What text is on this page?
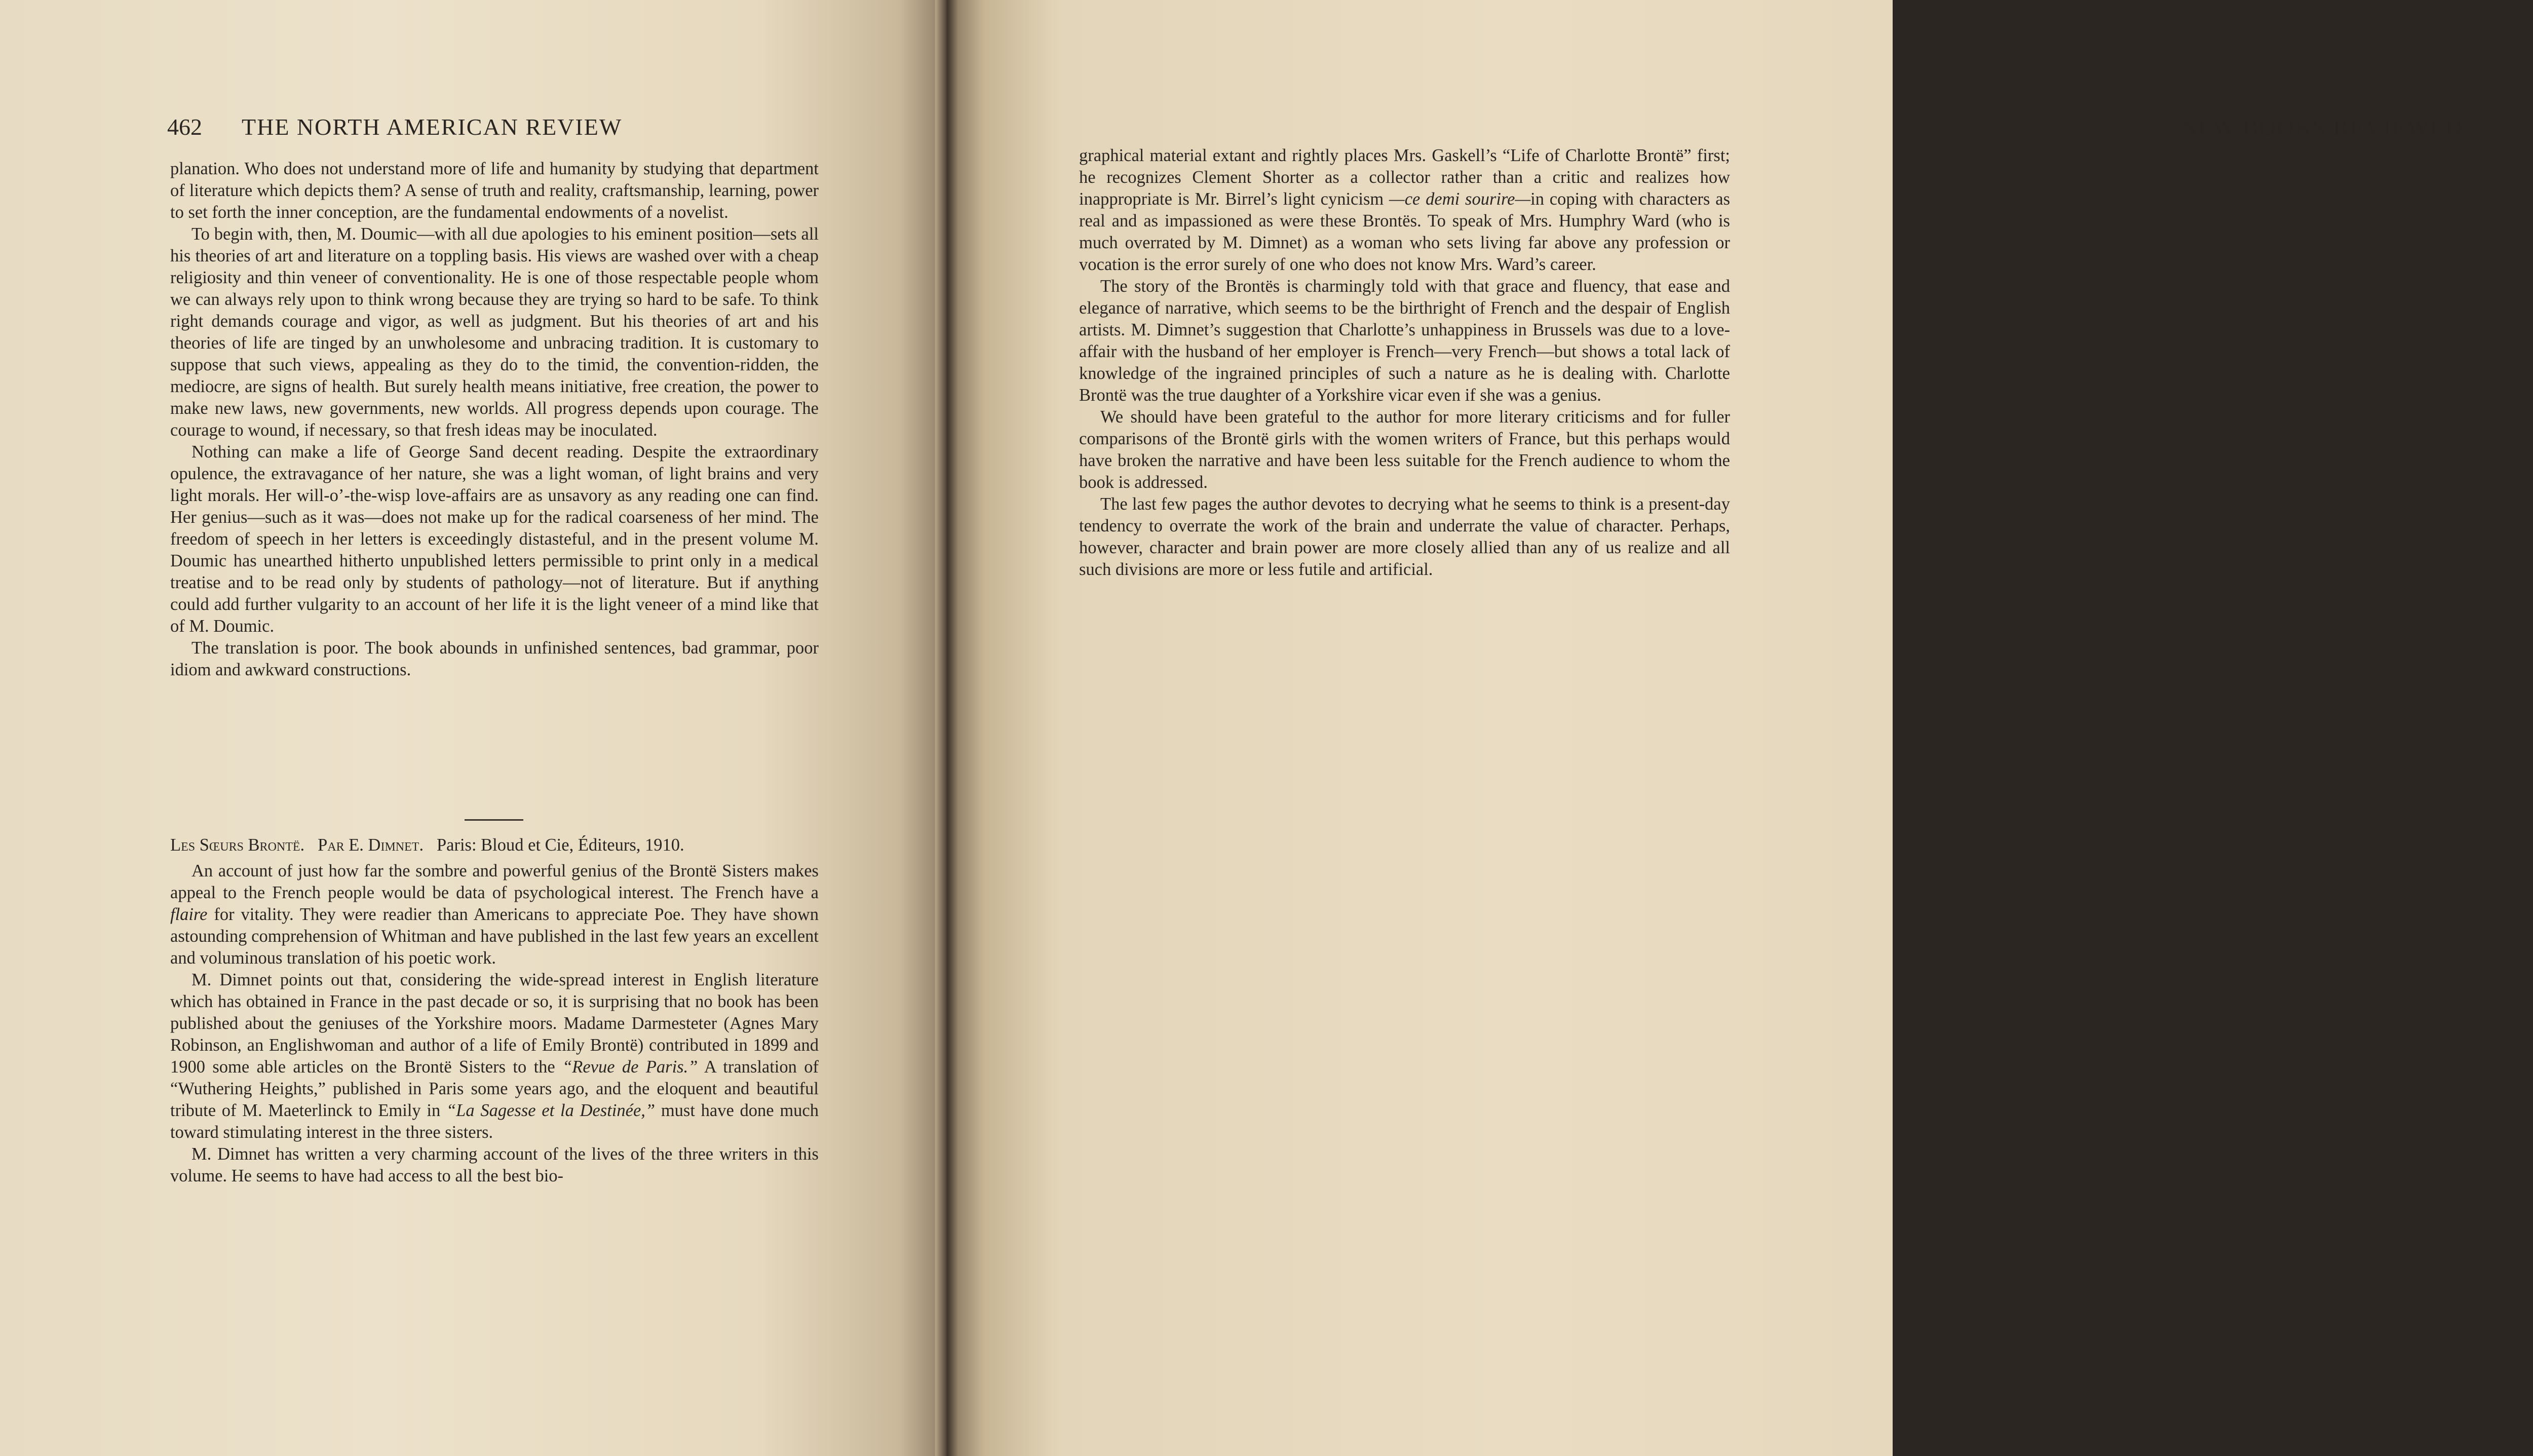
462 THE NORTH AMERICAN REVIEW

planation. Who does not understand more of life and humanity by studying that department of literature which depicts them? A sense of truth and reality, craftsmanship, learning, power to set forth the inner conception, are the fundamental endowments of a novelist.

To begin with, then, M. Doumic—with all due apologies to his eminent position—sets all his theories of art and literature on a toppling basis. His views are washed over with a cheap religiosity and thin veneer of conventionality. He is one of those respectable people whom we can always rely upon to think wrong because they are trying so hard to be safe. To think right demands courage and vigor, as well as judgment. But his theories of art and his theories of life are tinged by an unwholesome and unbracing tradition. It is customary to suppose that such views, appealing as they do to the timid, the convention-ridden, the mediocre, are signs of health. But surely health means initiative, free creation, the power to make new laws, new governments, new worlds. All progress depends upon courage. The courage to wound, if necessary, so that fresh ideas may be inoculated.

Nothing can make a life of George Sand decent reading. Despite the extraordinary opulence, the extravagance of her nature, she was a light woman, of light brains and very light morals. Her will-o’-the-wisp love-affairs are as unsavory as any reading one can find. Her genius—such as it was—does not make up for the radical coarseness of her mind. The freedom of speech in her letters is exceedingly distasteful, and in the present volume M. Doumic has unearthed hitherto unpublished letters permissible to print only in a medical treatise and to be read only by students of pathology—not of literature. But if anything could add further vulgarity to an account of her life it is the light veneer of a mind like that of M. Doumic.

The translation is poor. The book abounds in unfinished sentences, bad grammar, poor idiom and awkward constructions.

Les Sœurs Brontë. Par E. Dimnet. Paris: Bloud et Cie, Éditeurs, 1910.

An account of just how far the sombre and powerful genius of the Brontë Sisters makes appeal to the French people would be data of psychological interest. The French have a flaire for vitality. They were readier than Americans to appreciate Poe. They have shown astounding comprehension of Whitman and have published in the last few years an excellent and voluminous translation of his poetic work.

M. Dimnet points out that, considering the wide-spread interest in English literature which has obtained in France in the past decade or so, it is surprising that no book has been published about the geniuses of the Yorkshire moors. Madame Darmesteter (Agnes Mary Robinson, an Englishwoman and author of a life of Emily Brontë) contributed in 1899 and 1900 some able articles on the Brontë Sisters to the “Revue de Paris.” A translation of “Wuthering Heights,” published in Paris some years ago, and the eloquent and beautiful tribute of M. Maeterlinck to Emily in “La Sagesse et la Destinée,” must have done much toward stimulating interest in the three sisters.

M. Dimnet has written a very charming account of the lives of the three writers in this volume. He seems to have had access to all the best bio-

NEW BOOKS REVIEWED

graphical material extant and rightly places Mrs. Gaskell’s “Life of Charlotte Brontë” first; he recognizes Clement Shorter as a collector rather than a critic and realizes how inappropriate is Mr. Birrel’s light cynicism —ce demi sourire—in coping with characters as real and as impassioned as were these Brontës. To speak of Mrs. Humphry Ward (who is much overrated by M. Dimnet) as a woman who sets living far above any profession or vocation is the error surely of one who does not know Mrs. Ward’s career.

The story of the Brontës is charmingly told with that grace and fluency, that ease and elegance of narrative, which seems to be the birthright of French and the despair of English artists. M. Dimnet’s suggestion that Charlotte’s unhappiness in Brussels was due to a love-affair with the husband of her employer is French—very French—but shows a total lack of knowledge of the ingrained principles of such a nature as he is dealing with. Charlotte Brontë was the true daughter of a Yorkshire vicar even if she was a genius.

We should have been grateful to the author for more literary criticisms and for fuller comparisons of the Brontë girls with the women writers of France, but this perhaps would have broken the narrative and have been less suitable for the French audience to whom the book is addressed.

The last few pages the author devotes to decrying what he seems to think is a present-day tendency to overrate the work of the brain and underrate the value of character. Perhaps, however, character and brain power are more closely allied than any of us realize and all such divisions are more or less futile and artificial.
